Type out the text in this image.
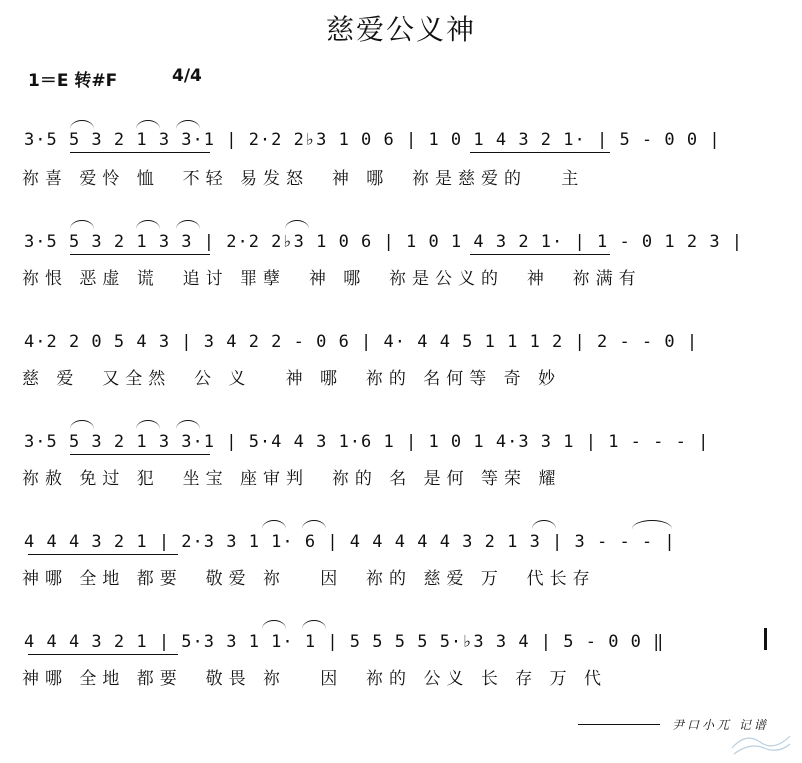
慈爱公义神
1＝E 转#F	4/4
3·5 5 3 2 1 3 3·1 | 2·2 2♭3 1 0 6 | 1 0 1 4 3 2 1· | 5 - 0 0 |
祢喜 爱怜 恤  不轻 易发怒  神 哪  祢是慈爱的   主
3·5 5 3 2 1 3 3 | 2·2 2♭3 1 0 6 | 1 0 1 4 3 2 1· | 1 - 0 1 2 3 |
祢恨 恶虚 谎  追讨 罪孽  神 哪  祢是公义的  神  祢满有
4·2 2 0 5 4 3 | 3 4 2 2 - 0 6 | 4· 4 4 5 1 1 1 2 | 2 - - 0 |
慈 爱  又全然  公 义   神 哪  祢的 名何等 奇 妙
3·5 5 3 2 1 3 3·1 | 5·4 4 3 1·6 1 | 1 0 1 4·3 3 1 | 1 - - - |
祢赦 免过 犯  坐宝 座审判  祢的 名 是何 等荣 耀
4 4 4 3 2 1 | 2·3 3 1 1· 6 | 4 4 4 4 4 3 2 1 3 | 3 - - - |
神哪 全地 都要  敬爱 祢   因  祢的 慈爱 万  代长存
4 4 4 3 2 1 | 5·3 3 1 1· 1 | 5 5 5 5 5·♭3 3 4 | 5 - 0 0 ‖
神哪 全地 都要  敬畏 祢   因  祢的 公义 长 存 万 代
尹口小兀 记谱
